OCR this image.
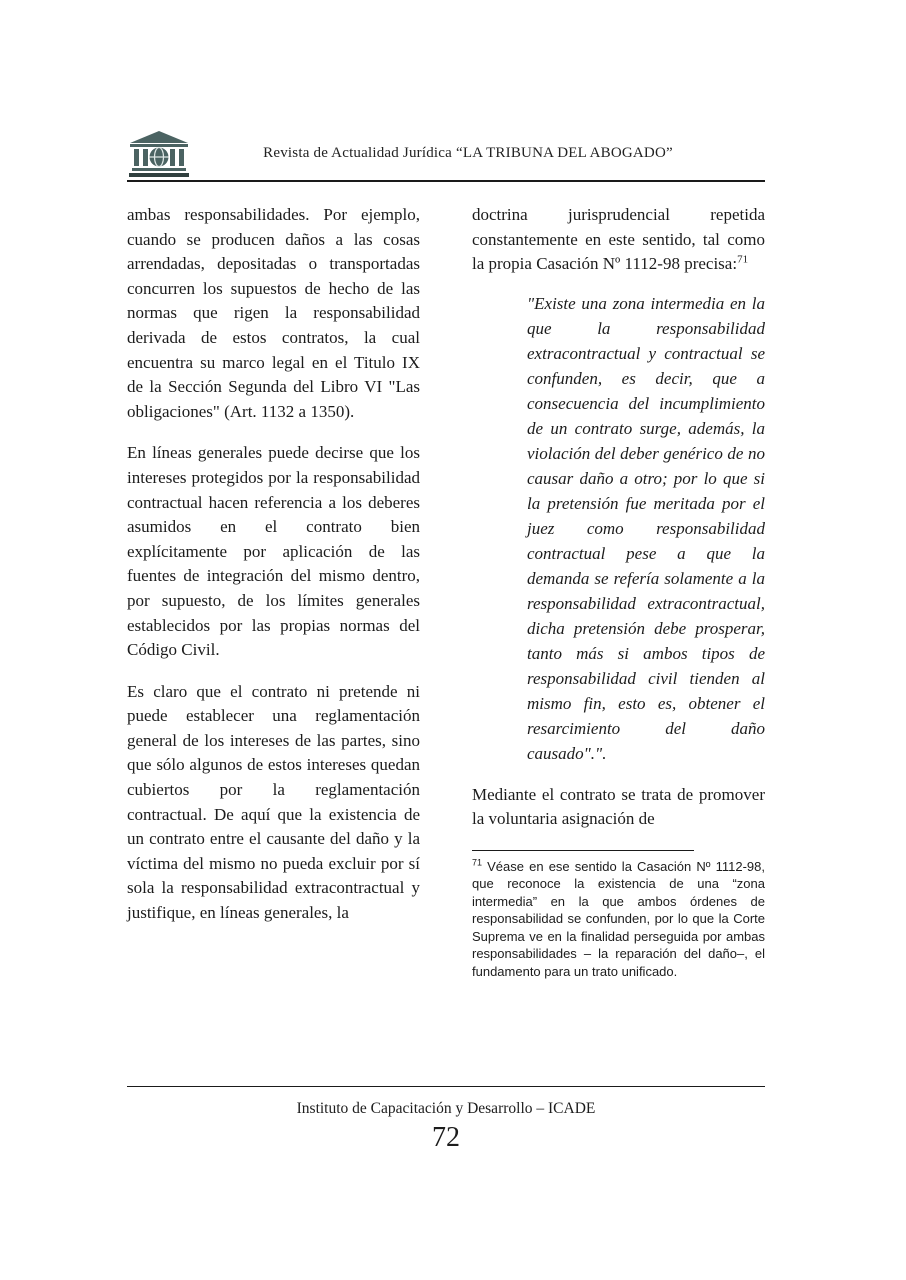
Revista de Actualidad Jurídica “LA TRIBUNA DEL ABOGADO”

ambas responsabilidades. Por ejemplo, cuando se producen daños a las cosas arrendadas, depositadas o transportadas concurren los supuestos de hecho de las normas que rigen la responsabilidad derivada de estos contratos, la cual encuentra su marco legal en el Titulo IX de la Sección Segunda del Libro VI "Las obligaciones" (Art. 1132 a 1350).

En líneas generales puede decirse que los intereses protegidos por la responsabilidad contractual hacen referencia a los deberes asumidos en el contrato bien explícitamente por aplicación de las fuentes de integración del mismo dentro, por supuesto, de los límites generales establecidos por las propias normas del Código Civil.

Es claro que el contrato ni pretende ni puede establecer una reglamentación general de los intereses de las partes, sino que sólo algunos de estos intereses quedan cubiertos por la reglamentación contractual. De aquí que la existencia de un contrato entre el causante del daño y la víctima del mismo no pueda excluir por sí sola la responsabilidad extracontractual y justifique, en líneas generales, la

doctrina jurisprudencial repetida constantemente en este sentido, tal como la propia Casación Nº 1112-98 precisa:$^{71}$

"Existe una zona intermedia en la que la responsabilidad extracontractual y contractual se confunden, es decir, que a consecuencia del incumplimiento de un contrato surge, además, la violación del deber genérico de no causar daño a otro; por lo que si la pretensión fue meritada por el juez como responsabilidad contractual pese a que la demanda se refería solamente a la responsabilidad extracontractual, dicha pretensión debe prosperar, tanto más si ambos tipos de responsabilidad civil tienden al mismo fin, esto es, obtener el resarcimiento del daño causado".".

Mediante el contrato se trata de promover la voluntaria asignación de

$^{71}$ Véase en ese sentido la Casación Nº 1112-98, que reconoce la existencia de una “zona intermedia” en la que ambos órdenes de responsabilidad se confunden, por lo que la Corte Suprema ve en la finalidad perseguida por ambas responsabilidades – la reparación del daño–, el fundamento para un trato unificado.

Instituto de Capacitación y Desarrollo – ICADE
72
